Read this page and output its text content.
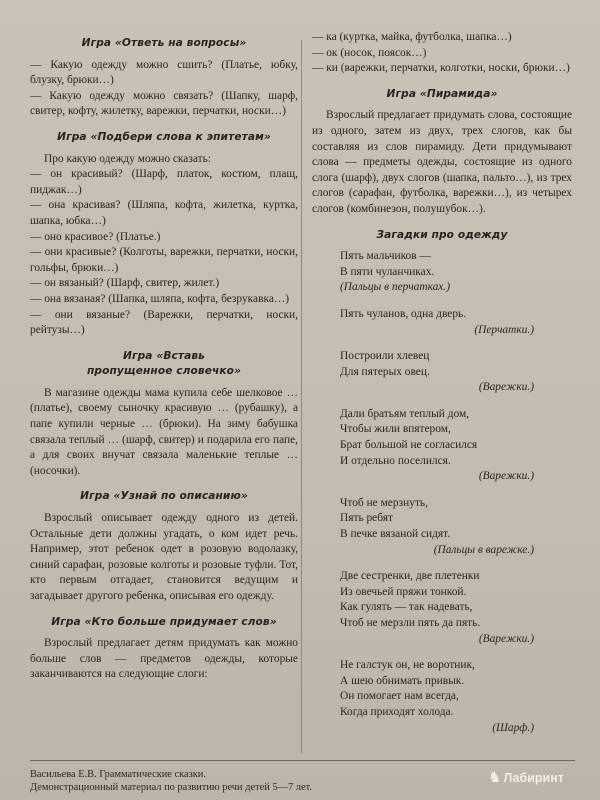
Игра «Ответь на вопросы»

— Какую одежду можно сшить? (Платье, юбку, блузку, брюки…)

— Какую одежду можно связать? (Шапку, шарф, свитер, кофту, жилетку, варежки, перчатки, носки…)

Игра «Подбери слова к эпитетам»

Про какую одежду можно сказать:

— он красивый? (Шарф, платок, костюм, плащ, пиджак…)

— она красивая? (Шляпа, кофта, жилетка, куртка, шапка, юбка…)

— оно красивое? (Платье.)

— они красивые? (Колготы, варежки, перчатки, носки, гольфы, брюки…)

— он вязаный? (Шарф, свитер, жилет.)

— она вязаная? (Шапка, шляпа, кофта, безрукавка…)

— они вязаные? (Варежки, перчатки, носки, рейтузы…)

Игра «Вставь
пропущенное словечко»

В магазине одежды мама купила себе шелковое … (платье), своему сыночку красивую … (рубашку), а папе купили черные … (брюки). На зиму бабушка связала теплый … (шарф, свитер) и подарила его папе, а для своих внучат связала маленькие теплые … (носочки).

Игра «Узнай по описанию»

Взрослый описывает одежду одного из детей. Остальные дети должны угадать, о ком идет речь. Например, этот ребенок одет в розовую водолазку, синий сарафан, розовые колготы и розовые туфли. Тот, кто первым отгадает, становится ведущим и загадывает другого ребенка, описывая его одежду.

Игра «Кто больше придумает слов»

Взрослый предлагает детям придумать как можно больше слов — предметов одежды, которые заканчиваются на следующие слоги:

— ка (куртка, майка, футболка, шапка…)

— ок (носок, поясок…)

— ки (варежки, перчатки, колготки, носки, брюки…)

Игра «Пирамида»

Взрослый предлагает придумать слова, состоящие из одного, затем из двух, трех слогов, как бы составляя из слов пирамиду. Дети придумывают слова — предметы одежды, состоящие из одного слога (шарф), двух слогов (шапка, пальто…), из трех слогов (сарафан, футболка, варежки…), из четырех слогов (комбинезон, полушубок…).

Загадки про одежду
Пять мальчиков —
В пяти чуланчиках.
(Пальцы в перчатках.)
Пять чуланов, одна дверь.
(Перчатки.)
Построили хлевец
Для пятерых овец.
(Варежки.)
Дали братьям теплый дом,
Чтобы жили впятером,
Брат большой не согласился
И отдельно поселился.
(Варежки.)
Чтоб не мерзнуть,
Пять ребят
В печке вязаной сидят.
(Пальцы в варежке.)
Две сестренки, две плетенки
Из овечьей пряжи тонкой.
Как гулять — так надевать,
Чтоб не мерзли пять да пять.
(Варежки.)
Не галстук он, не воротник,
А шею обнимать привык.
Он помогает нам всегда,
Когда приходят холода.
(Шарф.)
Васильева Е.В. Грамматические сказки.
Демонстрационный материал по развитию речи детей 5—7 лет.
♞ Лабиринт
